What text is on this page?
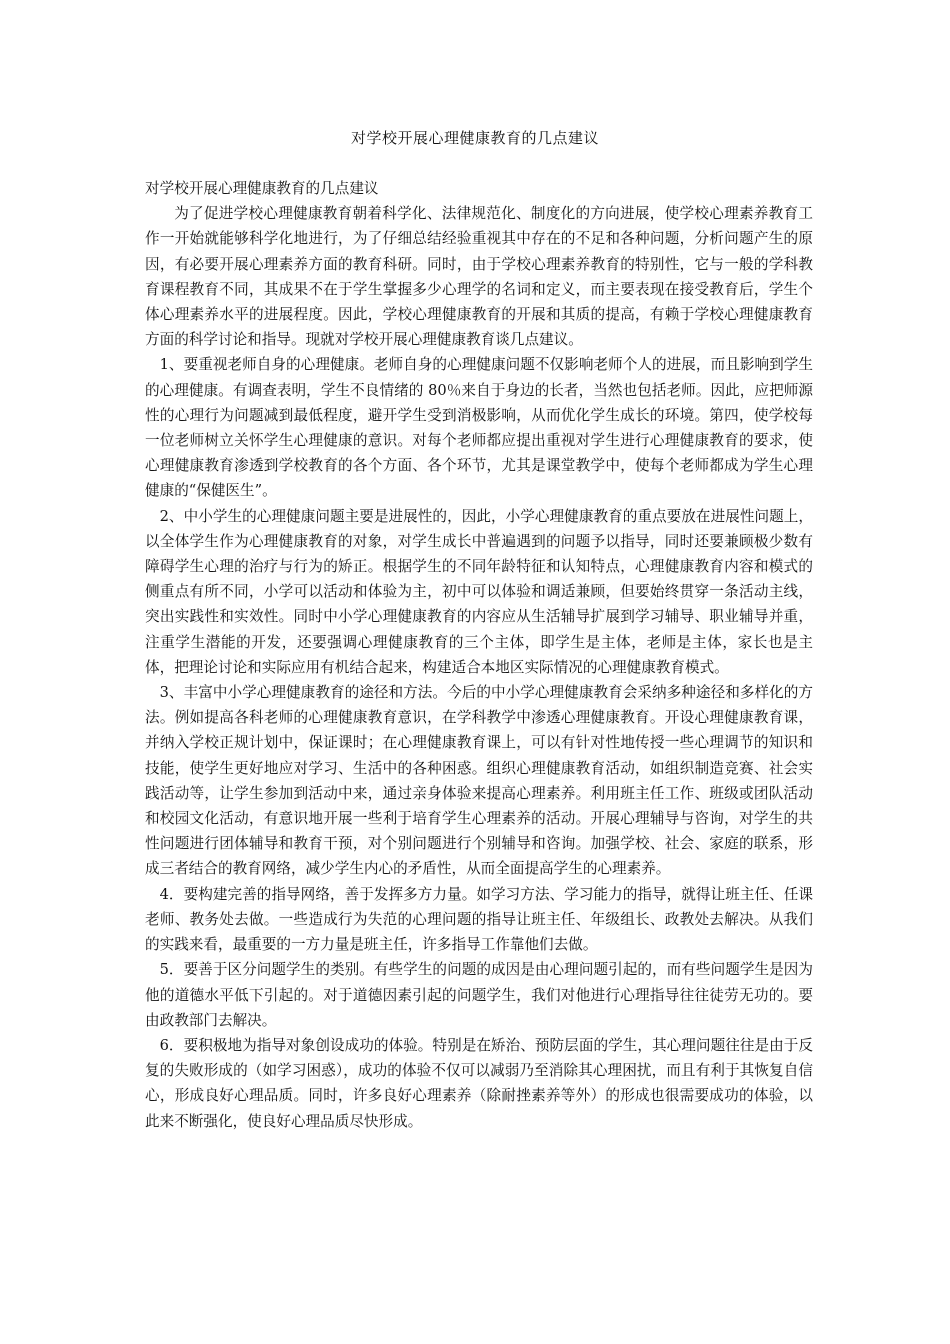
对学校开展心理健康教育的几点建议

对学校开展心理健康教育的几点建议

为了促进学校心理健康教育朝着科学化、法律规范化、制度化的方向进展，使学校心理素养教育工作一开始就能够科学化地进行，为了仔细总结经验重视其中存在的不足和各种问题，分析问题产生的原因，有必要开展心理素养方面的教育科研。同时，由于学校心理素养教育的特别性，它与一般的学科教育课程教育不同，其成果不在于学生掌握多少心理学的名词和定义，而主要表现在接受教育后，学生个体心理素养水平的进展程度。因此，学校心理健康教育的开展和其质的提高，有赖于学校心理健康教育方面的科学讨论和指导。现就对学校开展心理健康教育谈几点建议。

1、要重视老师自身的心理健康。老师自身的心理健康问题不仅影响老师个人的进展，而且影响到学生的心理健康。有调查表明，学生不良情绪的 80％来自于身边的长者，当然也包括老师。因此，应把师源性的心理行为问题减到最低程度，避开学生受到消极影响，从而优化学生成长的环境。第四，使学校每一位老师树立关怀学生心理健康的意识。对每个老师都应提出重视对学生进行心理健康教育的要求，使心理健康教育渗透到学校教育的各个方面、各个环节，尤其是课堂教学中，使每个老师都成为学生心理健康的“保健医生”。

2、中小学生的心理健康问题主要是进展性的，因此，小学心理健康教育的重点要放在进展性问题上，以全体学生作为心理健康教育的对象，对学生成长中普遍遇到的问题予以指导，同时还要兼顾极少数有障碍学生心理的治疗与行为的矫正。根据学生的不同年龄特征和认知特点，心理健康教育内容和模式的侧重点有所不同，小学可以活动和体验为主，初中可以体验和调适兼顾，但要始终贯穿一条活动主线，突出实践性和实效性。同时中小学心理健康教育的内容应从生活辅导扩展到学习辅导、职业辅导并重，注重学生潜能的开发，还要强调心理健康教育的三个主体，即学生是主体，老师是主体，家长也是主体，把理论讨论和实际应用有机结合起来，构建适合本地区实际情况的心理健康教育模式。

3、丰富中小学心理健康教育的途径和方法。今后的中小学心理健康教育会采纳多种途径和多样化的方法。例如提高各科老师的心理健康教育意识，在学科教学中渗透心理健康教育。开设心理健康教育课，并纳入学校正规计划中，保证课时；在心理健康教育课上，可以有针对性地传授一些心理调节的知识和技能，使学生更好地应对学习、生活中的各种困惑。组织心理健康教育活动，如组织制造竞赛、社会实践活动等，让学生参加到活动中来，通过亲身体验来提高心理素养。利用班主任工作、班级或团队活动和校园文化活动，有意识地开展一些利于培育学生心理素养的活动。开展心理辅导与咨询，对学生的共性问题进行团体辅导和教育干预，对个别问题进行个别辅导和咨询。加强学校、社会、家庭的联系，形成三者结合的教育网络，减少学生内心的矛盾性，从而全面提高学生的心理素养。

4．要构建完善的指导网络，善于发挥多方力量。如学习方法、学习能力的指导，就得让班主任、任课老师、教务处去做。一些造成行为失范的心理问题的指导让班主任、年级组长、政教处去解决。从我们的实践来看，最重要的一方力量是班主任，许多指导工作靠他们去做。

5．要善于区分问题学生的类别。有些学生的问题的成因是由心理问题引起的，而有些问题学生是因为他的道德水平低下引起的。对于道德因素引起的问题学生，我们对他进行心理指导往往徒劳无功的。要由政教部门去解决。

6．要积极地为指导对象创设成功的体验。特别是在矫治、预防层面的学生，其心理问题往往是由于反复的失败形成的（如学习困惑），成功的体验不仅可以减弱乃至消除其心理困扰，而且有利于其恢复自信心，形成良好心理品质。同时，许多良好心理素养（除耐挫素养等外）的形成也很需要成功的体验，以此来不断强化，使良好心理品质尽快形成。
